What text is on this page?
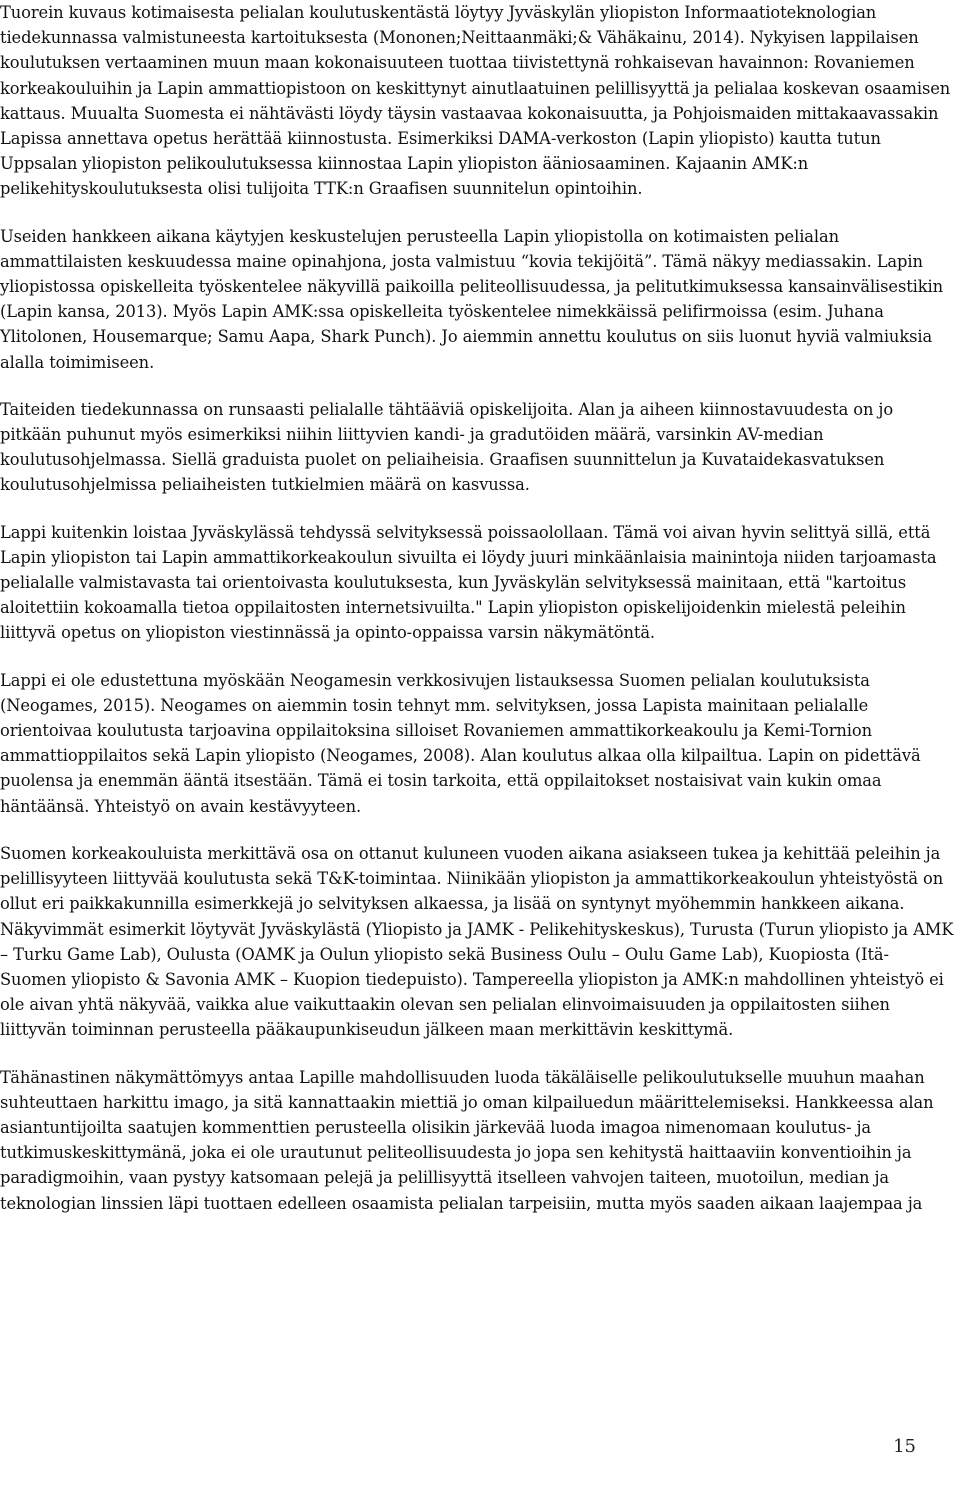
Tuorein kuvaus kotimaisesta pelialan koulutuskentästä löytyy Jyväskylän yliopiston Informaatioteknologian tiedekunnassa valmistuneesta kartoituksesta (Mononen;Neittaanmäki;& Vähäkainu, 2014). Nykyisen lappilaisen koulutuksen vertaaminen muun maan kokonaisuuteen tuottaa tiivistettynä rohkaisevan havainnon: Rovaniemen korkeakouluihin ja Lapin ammattiopistoon on keskittynyt ainutlaatuinen pelillisyyttä ja pelialaa koskevan osaamisen kattaus. Muualta Suomesta ei nähtävästi löydy täysin vastaavaa kokonaisuutta, ja Pohjoismaiden mittakaavassakin Lapissa annettava opetus herättää kiinnostusta. Esimerkiksi DAMA-verkoston (Lapin yliopisto) kautta tutun Uppsalan yliopiston pelikoulutuksessa kiinnostaa Lapin yliopiston ääniosaaminen. Kajaanin AMK:n pelikehityskoulutuksesta olisi tulijoita TTK:n Graafisen suunnitelun opintoihin.

Useiden hankkeen aikana käytyjen keskustelujen perusteella Lapin yliopistolla on kotimaisten pelialan ammattilaisten keskuudessa maine opinahjona, josta valmistuu “kovia tekijöitä”. Tämä näkyy mediassakin. Lapin yliopistossa opiskelleita työskentelee näkyvillä paikoilla peliteollisuudessa, ja pelitutkimuksessa kansainvälisestikin (Lapin kansa, 2013). Myös Lapin AMK:ssa opiskelleita työskentelee nimekkäissä pelifirmoissa (esim. Juhana Ylitolonen, Housemarque; Samu Aapa, Shark Punch). Jo aiemmin annettu koulutus on siis luonut hyviä valmiuksia alalla toimimiseen.

Taiteiden tiedekunnassa on runsaasti pelialalle tähtääviä opiskelijoita. Alan ja aiheen kiinnostavuudesta on jo pitkään puhunut myös esimerkiksi niihin liittyvien kandi- ja gradutöiden määrä, varsinkin AV-median koulutusohjelmassa. Siellä graduista puolet on peliaiheisia. Graafisen suunnittelun ja Kuvataidekasvatuksen koulutusohjelmissa peliaiheisten tutkielmien määrä on kasvussa.

Lappi kuitenkin loistaa Jyväskylässä tehdyssä selvityksessä poissaolollaan. Tämä voi aivan hyvin selittyä sillä, että Lapin yliopiston tai Lapin ammattikorkeakoulun sivuilta ei löydy juuri minkäänlaisia mainintoja niiden tarjoamasta pelialalle valmistavasta tai orientoivasta koulutuksesta, kun Jyväskylän selvityksessä mainitaan, että "kartoitus aloitettiin kokoamalla tietoa oppilaitosten internetsivuilta." Lapin yliopiston opiskelijoidenkin mielestä peleihin liittyvä opetus on yliopiston viestinnässä ja opinto-oppaissa varsin näkymätöntä.

Lappi ei ole edustettuna myöskään Neogamesin verkkosivujen listauksessa Suomen pelialan koulutuksista (Neogames, 2015). Neogames on aiemmin tosin tehnyt mm. selvityksen, jossa Lapista mainitaan pelialalle orientoivaa koulutusta tarjoavina oppilaitoksina silloiset Rovaniemen ammattikorkeakoulu ja Kemi-Tornion ammattioppilaitos sekä Lapin yliopisto (Neogames, 2008). Alan koulutus alkaa olla kilpailtua. Lapin on pidettävä puolensa ja enemmän ääntä itsestään. Tämä ei tosin tarkoita, että oppilaitokset nostaisivat vain kukin omaa häntäänsä. Yhteistyö on avain kestävyyteen.

Suomen korkeakouluista merkittävä osa on ottanut kuluneen vuoden aikana asiakseen tukea ja kehittää peleihin ja pelillisyyteen liittyvää koulutusta sekä T&K-toimintaa. Niinikään yliopiston ja ammattikorkeakoulun yhteistyöstä on ollut eri paikkakunnilla esimerkkejä jo selvityksen alkaessa, ja lisää on syntynyt myöhemmin hankkeen aikana. Näkyvimmät esimerkit löytyvät Jyväskylästä (Yliopisto ja JAMK - Pelikehityskeskus), Turusta (Turun yliopisto ja AMK – Turku Game Lab), Oulusta (OAMK ja Oulun yliopisto sekä Business Oulu – Oulu Game Lab), Kuopiosta (Itä-Suomen yliopisto & Savonia AMK – Kuopion tiedepuisto). Tampereella yliopiston ja AMK:n mahdollinen yhteistyö ei ole aivan yhtä näkyvää, vaikka alue vaikuttaakin olevan sen pelialan elinvoimaisuuden ja oppilaitosten siihen liittyvän toiminnan perusteella pääkaupunkiseudun jälkeen maan merkittävin keskittymä.

Tähänastinen näkymättömyys antaa Lapille mahdollisuuden luoda täkäläiselle pelikoulutukselle muuhun maahan suhteuttaen harkittu imago, ja sitä kannattaakin miettiä jo oman kilpailuedun määrittelemiseksi. Hankkeessa alan asiantuntijoilta saatujen kommenttien perusteella olisikin järkevää luoda imagoa nimenomaan koulutus- ja tutkimuskeskittymänä, joka ei ole urautunut peliteollisuudesta jo jopa sen kehitystä haittaaviin konventioihin ja paradigmoihin, vaan pystyy katsomaan pelejä ja pelillisyyttä itselleen vahvojen taiteen, muotoilun, median ja teknologian linssien läpi tuottaen edelleen osaamista pelialan tarpeisiin, mutta myös saaden aikaan laajempaa ja

15
